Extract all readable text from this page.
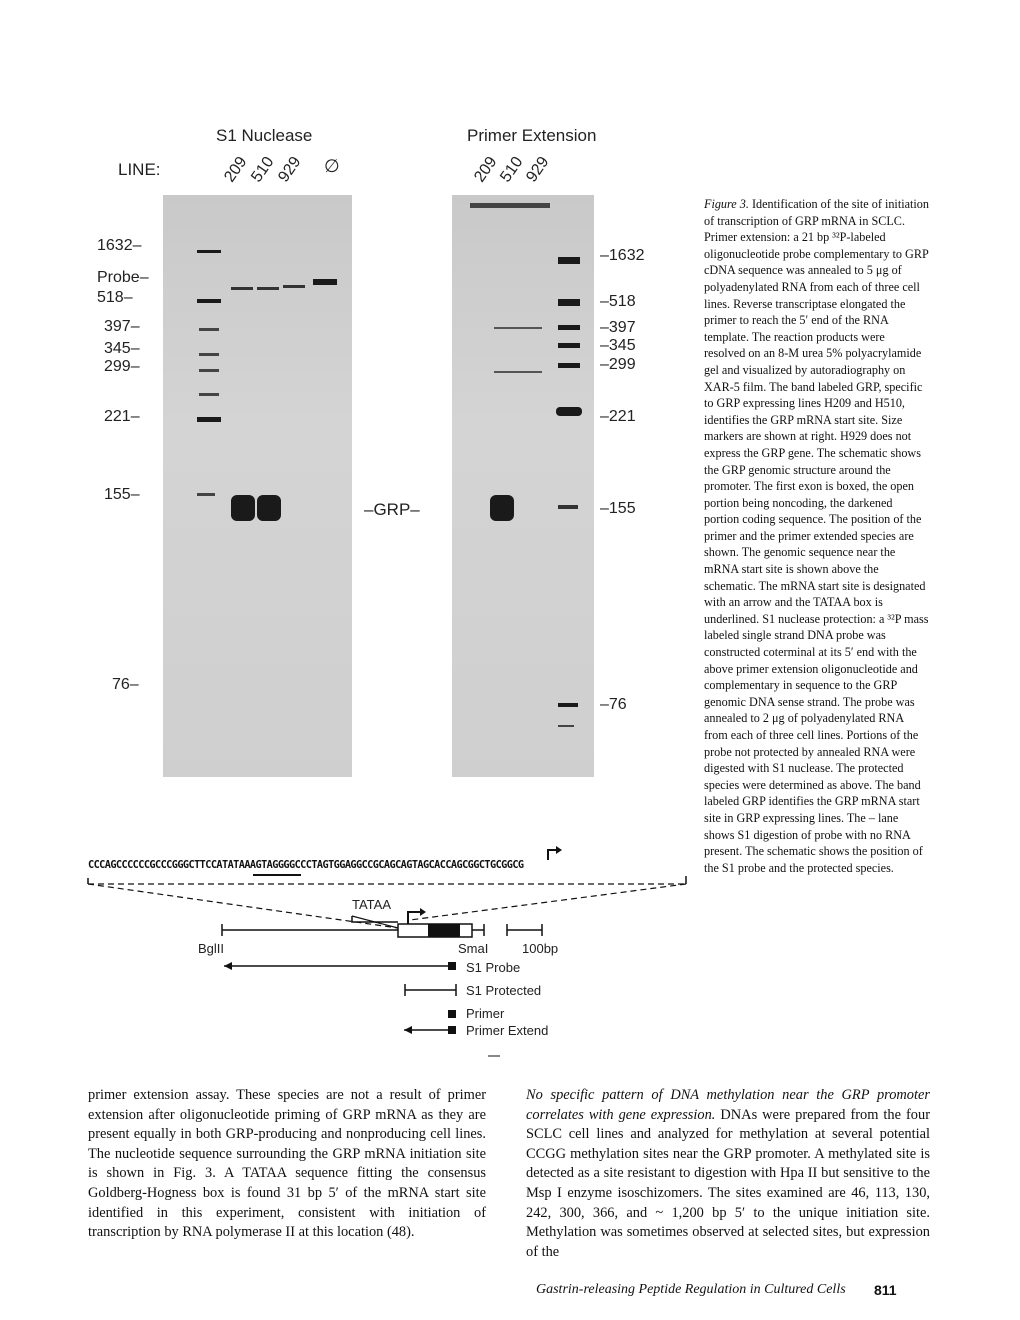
S1 Nuclease	Primer Extension
LINE:	209
510
929 ∅	209
510
929
1632–
Probe–
518–
397–
345–
299–
221–
155–
76–
–1632
–518
–397
–345
–299
–221
–155
–76
–GRP–
CCCAGCCCCCCGCCCGGGCTTCCATATAAAGTAGGGGCCCTAGTGGAGGCCGCAGCAGTAGCACCAGCGGCTGCGGCG
TATAA
BglII	SmaI	100bp
S1 Probe
S1 Protected
Primer
Primer Extend
Figure 3. Identification of the site of initiation of transcription of GRP mRNA in SCLC. Primer extension: a 21 bp ³²P-labeled oligonucleotide probe complementary to GRP cDNA sequence was annealed to 5 μg of polyadenylated RNA from each of three cell lines. Reverse transcriptase elongated the primer to reach the 5′ end of the RNA template. The reaction products were resolved on an 8-M urea 5% polyacrylamide gel and visualized by autoradiography on XAR-5 film. The band labeled GRP, specific to GRP expressing lines H209 and H510, identifies the GRP mRNA start site. Size markers are shown at right. H929 does not express the GRP gene. The schematic shows the GRP genomic structure around the promoter. The first exon is boxed, the open portion being noncoding, the darkened portion coding sequence. The position of the primer and the primer extended species are shown. The genomic sequence near the mRNA start site is shown above the schematic. The mRNA start site is designated with an arrow and the TATAA box is underlined. S1 nuclease protection: a ³²P mass labeled single strand DNA probe was constructed coterminal at its 5′ end with the above primer extension oligonucleotide and complementary in sequence to the GRP genomic DNA sense strand. The probe was annealed to 2 μg of polyadenylated RNA from each of three cell lines. Portions of the probe not protected by annealed RNA were digested with S1 nuclease. The protected species were determined as above. The band labeled GRP identifies the GRP mRNA start site in GRP expressing lines. The – lane shows S1 digestion of probe with no RNA present. The schematic shows the position of the S1 probe and the protected species.
primer extension assay. These species are not a result of primer extension after oligonucleotide priming of GRP mRNA as they are present equally in both GRP-producing and nonproducing cell lines. The nucleotide sequence surrounding the GRP mRNA initiation site is shown in Fig. 3. A TATAA sequence fitting the consensus Goldberg-Hogness box is found 31 bp 5′ of the mRNA start site identified in this experiment, consistent with initiation of transcription by RNA polymerase II at this location (48).
No specific pattern of DNA methylation near the GRP promoter correlates with gene expression. DNAs were prepared from the four SCLC cell lines and analyzed for methylation at several potential CCGG methylation sites near the GRP promoter. A methylated site is detected as a site resistant to digestion with Hpa II but sensitive to the Msp I enzyme isoschizomers. The sites examined are 46, 113, 130, 242, 300, 366, and ~ 1,200 bp 5′ to the unique initiation site. Methylation was sometimes observed at selected sites, but expression of the
Gastrin-releasing Peptide Regulation in Cultured Cells 811
